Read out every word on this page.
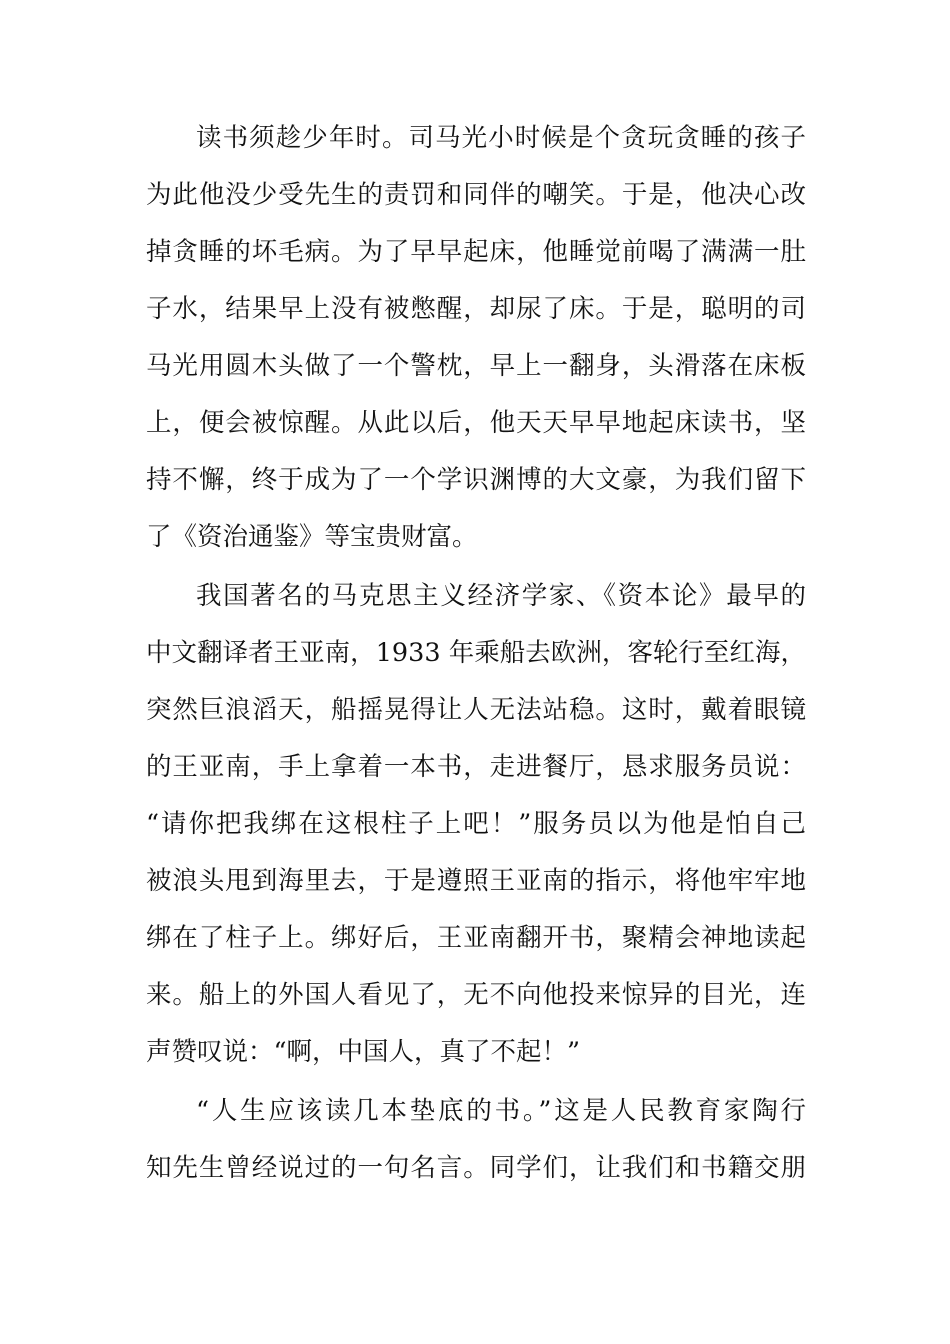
读书须趁少年时。司马光小时候是个贪玩贪睡的孩子
为此他没少受先生的责罚和同伴的嘲笑。于是，他决心改
掉贪睡的坏毛病。为了早早起床，他睡觉前喝了满满一肚
子水，结果早上没有被憋醒，却尿了床。于是，聪明的司
马光用圆木头做了一个警枕，早上一翻身，头滑落在床板
上，便会被惊醒。从此以后，他天天早早地起床读书，坚
持不懈，终于成为了一个学识渊博的大文豪，为我们留下
了《资治通鉴》等宝贵财富。
我国著名的马克思主义经济学家、《资本论》最早的
中文翻译者王亚南，1933 年乘船去欧洲，客轮行至红海，
突然巨浪滔天，船摇晃得让人无法站稳。这时，戴着眼镜
的王亚南，手上拿着一本书，走进餐厅，恳求服务员说：
“请你把我绑在这根柱子上吧！”服务员以为他是怕自己
被浪头甩到海里去，于是遵照王亚南的指示，将他牢牢地
绑在了柱子上。绑好后，王亚南翻开书，聚精会神地读起
来。船上的外国人看见了，无不向他投来惊异的目光，连
声赞叹说：“啊，中国人，真了不起！”
“人生应该读几本垫底的书。”这是人民教育家陶行
知先生曾经说过的一句名言。同学们，让我们和书籍交朋
